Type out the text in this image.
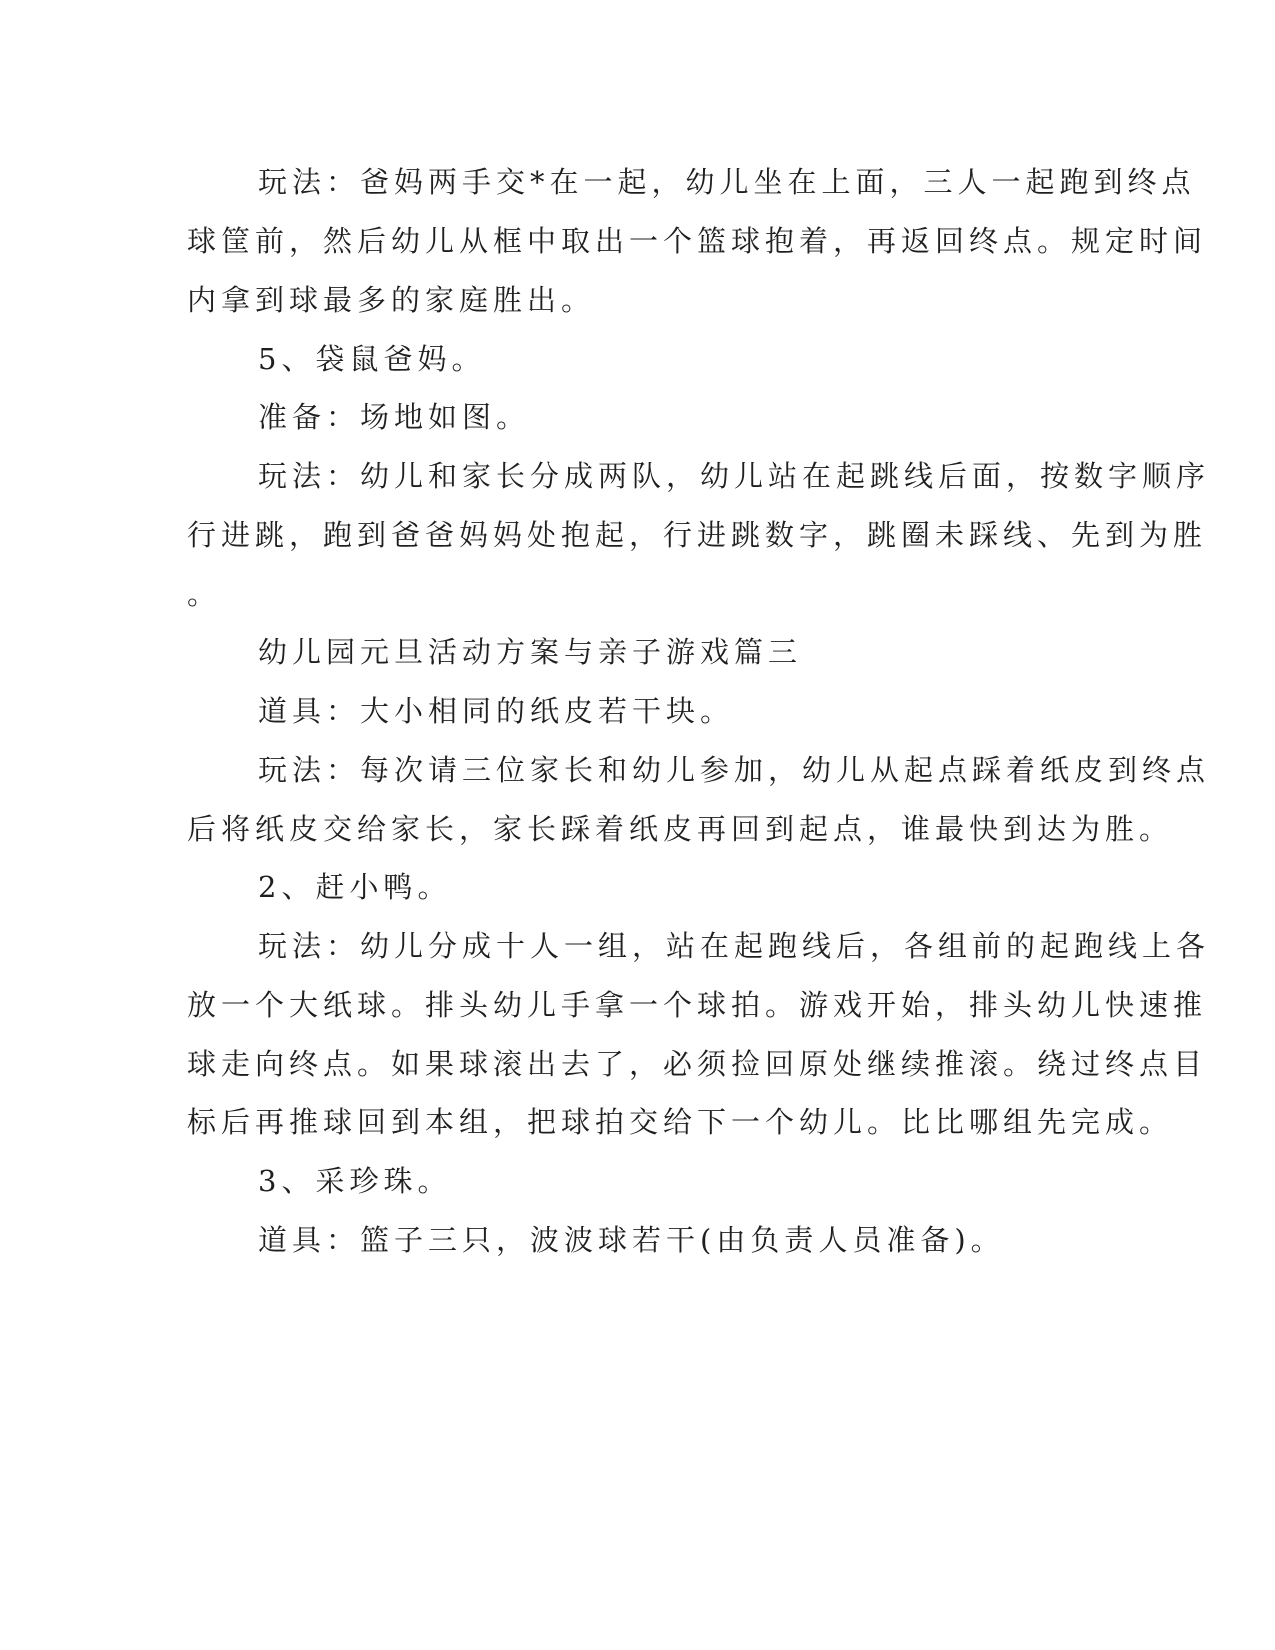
玩法：爸妈两手交*在一起，幼儿坐在上面，三人一起跑到终点
球筐前，然后幼儿从框中取出一个篮球抱着，再返回终点。规定时间
内拿到球最多的家庭胜出。
5、袋鼠爸妈。
准备：场地如图。
玩法：幼儿和家长分成两队，幼儿站在起跳线后面，按数字顺序
行进跳，跑到爸爸妈妈处抱起，行进跳数字，跳圈未踩线、先到为胜
。
幼儿园元旦活动方案与亲子游戏篇三
道具：大小相同的纸皮若干块。
玩法：每次请三位家长和幼儿参加，幼儿从起点踩着纸皮到终点
后将纸皮交给家长，家长踩着纸皮再回到起点，谁最快到达为胜。
2、赶小鸭。
玩法：幼儿分成十人一组，站在起跑线后，各组前的起跑线上各
放一个大纸球。排头幼儿手拿一个球拍。游戏开始，排头幼儿快速推
球走向终点。如果球滚出去了，必须捡回原处继续推滚。绕过终点目
标后再推球回到本组，把球拍交给下一个幼儿。比比哪组先完成。
3、采珍珠。
道具：篮子三只，波波球若干(由负责人员准备)。
